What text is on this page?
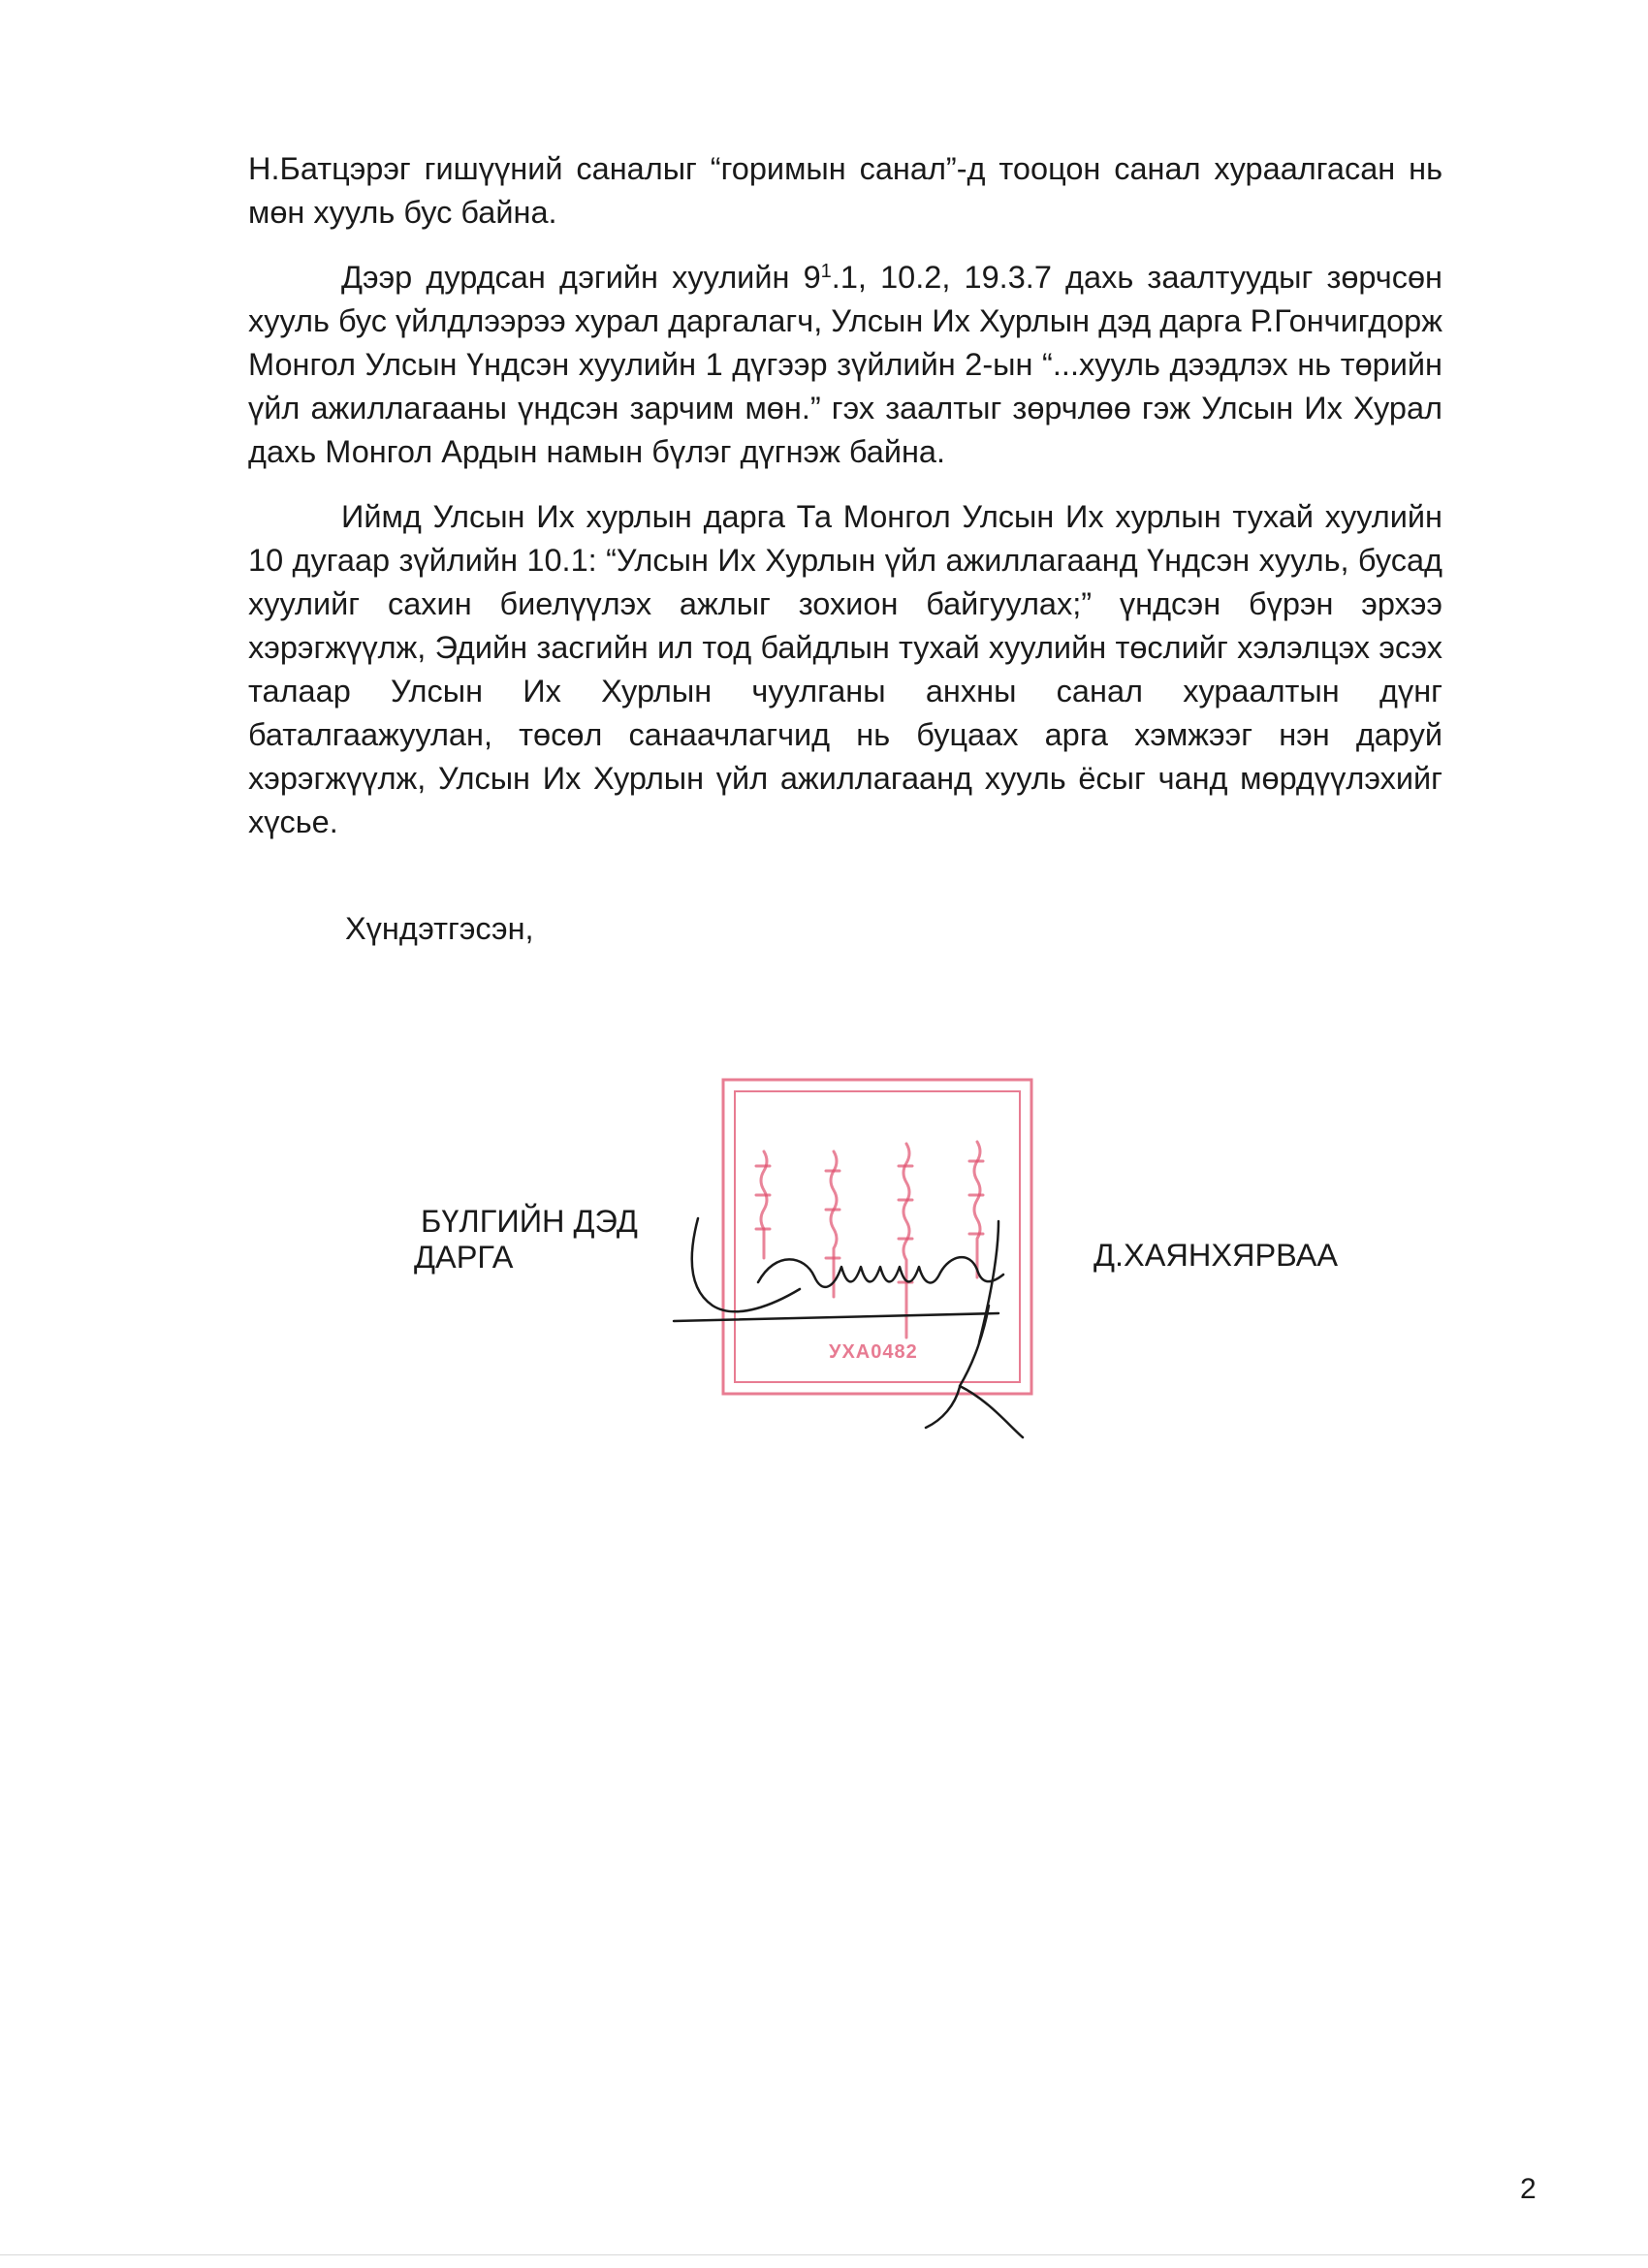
Н.Батцэрэг гишүүний саналыг “горимын санал”-д тооцон санал хураалгасан нь мөн хууль бус байна.

Дээр дурдсан дэгийн хуулийн $9^1.1$, 10.2, 19.3.7 дахь заалтуудыг зөрчсөн хууль бус үйлдлээрээ хурал даргалагч, Улсын Их Хурлын дэд дарга Р.Гончигдорж Монгол Улсын Үндсэн хуулийн 1 дүгээр зүйлийн 2-ын “...хууль дээдлэх нь төрийн үйл ажиллагааны үндсэн зарчим мөн.” гэх заалтыг зөрчлөө гэж Улсын Их Хурал дахь Монгол Ардын намын бүлэг дүгнэж байна.

Иймд Улсын Их хурлын дарга Та Монгол Улсын Их хурлын тухай хуулийн 10 дугаар зүйлийн 10.1: “Улсын Их Хурлын үйл ажиллагаанд Үндсэн хууль, бусад хуулийг сахин биелүүлэх ажлыг зохион байгуулах;” үндсэн бүрэн эрхээ хэрэгжүүлж, Эдийн засгийн ил тод байдлын тухай хуулийн төслийг хэлэлцэх эсэх талаар Улсын Их Хурлын чуулганы анхны санал хураалтын дүнг баталгаажуулан, төсөл санаачлагчид нь буцаах арга хэмжээг нэн даруй хэрэгжүүлж, Улсын Их Хурлын үйл ажиллагаанд хууль ёсыг чанд мөрдүүлэхийг хүсье.

Хүндэтгэсэн,

УХА0482

БҮЛГИЙН ДЭД

ДАРГА	Д.ХАЯНХЯРВАА

2
